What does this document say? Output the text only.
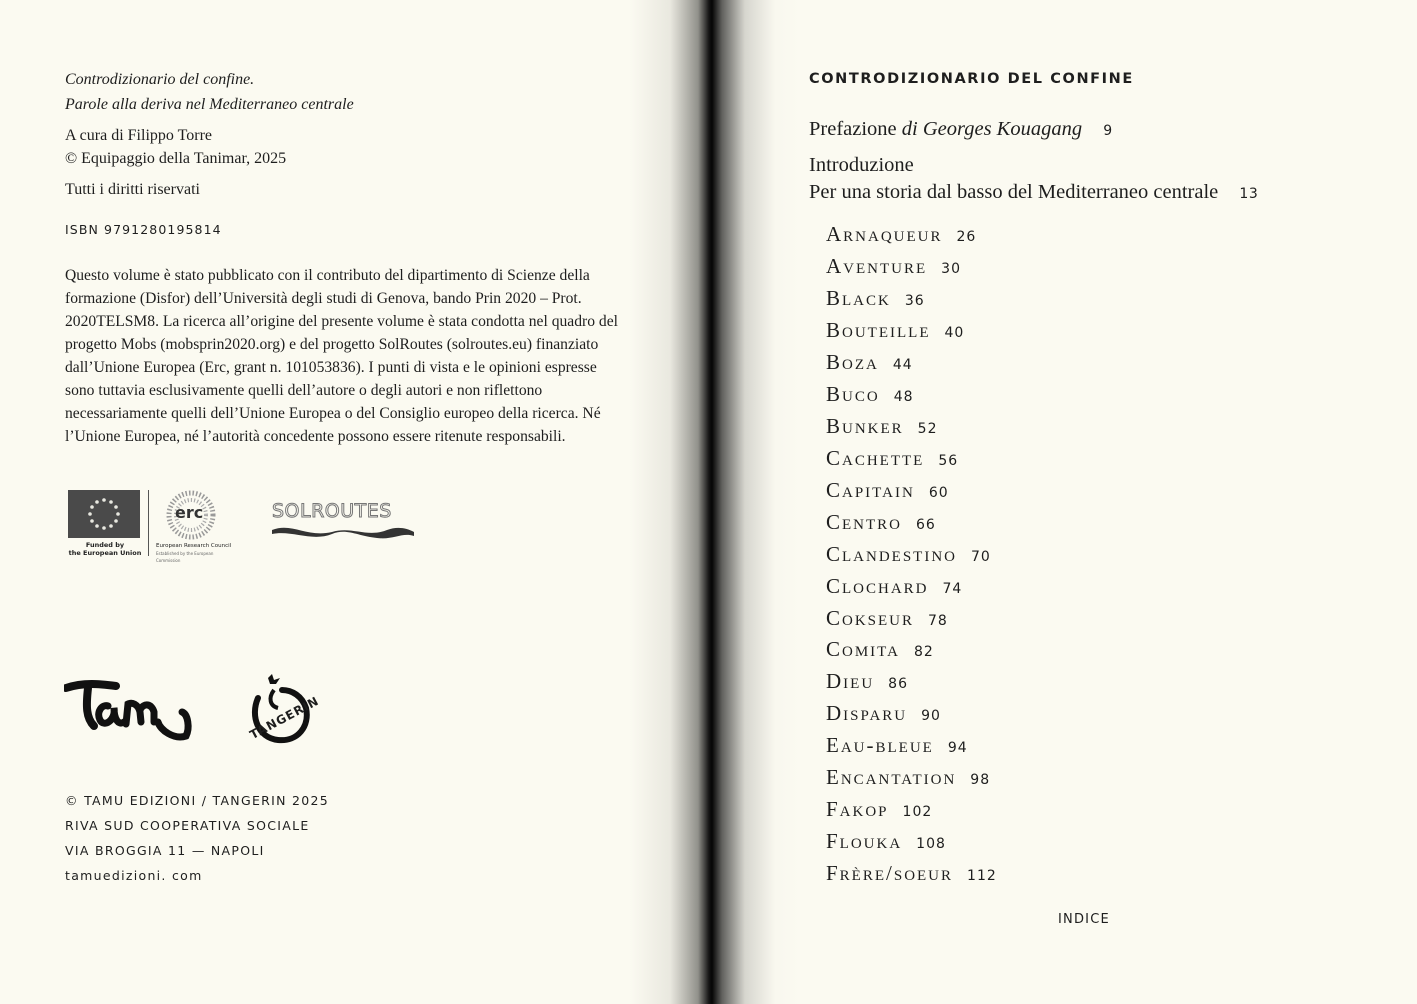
Controdizionario del confine.
Parole alla deriva nel Mediterraneo centrale
A cura di Filippo Torre
© Equipaggio della Tanimar, 2025
Tutti i diritti riservati
ISBN 9791280195814
Questo volume è stato pubblicato con il contributo del dipartimento di Scienze della formazione (Disfor) dell’Università degli studi di Genova, bando Prin 2020 – Prot. 2020TELSM8. La ricerca all’origine del presente volume è stata condotta nel quadro del progetto Mobs (mobsprin2020.org) e del progetto SolRoutes (solroutes.eu) finanziato dall’Unione Europea (Erc, grant n. 101053836). I punti di vista e le opinioni espresse sono tuttavia esclusivamente quelli dell’autore o degli autori e non riflettono necessariamente quelli dell’Unione Europea o del Consiglio europeo della ricerca. Né l’Unione Europea, né l’autorità concedente possono essere ritenute responsabili.
Funded by
the European Union
erc
European Research Council
Established by the European Commission
SOLROUTES
TANGERIN
© TAMU EDIZIONI / TANGERIN 2025
RIVA SUD COOPERATIVA SOCIALE
VIA BROGGIA 11 — NAPOLI
tamuedizioni. com
CONTRODIZIONARIO DEL CONFINE
Prefazione di Georges Kouagang 9
Introduzione
Per una storia dal basso del Mediterraneo centrale 13
Arnaqueur 26
Aventure 30
Black 36
Bouteille 40
Boza 44
Buco 48
Bunker 52
Cachette 56
Capitain 60
Centro 66
Clandestino 70
Clochard 74
Cokseur 78
Comita 82
Dieu 86
Disparu 90
Eau-bleue 94
Encantation 98
Fakop 102
Flouka 108
Frère/soeur 112
INDICE
